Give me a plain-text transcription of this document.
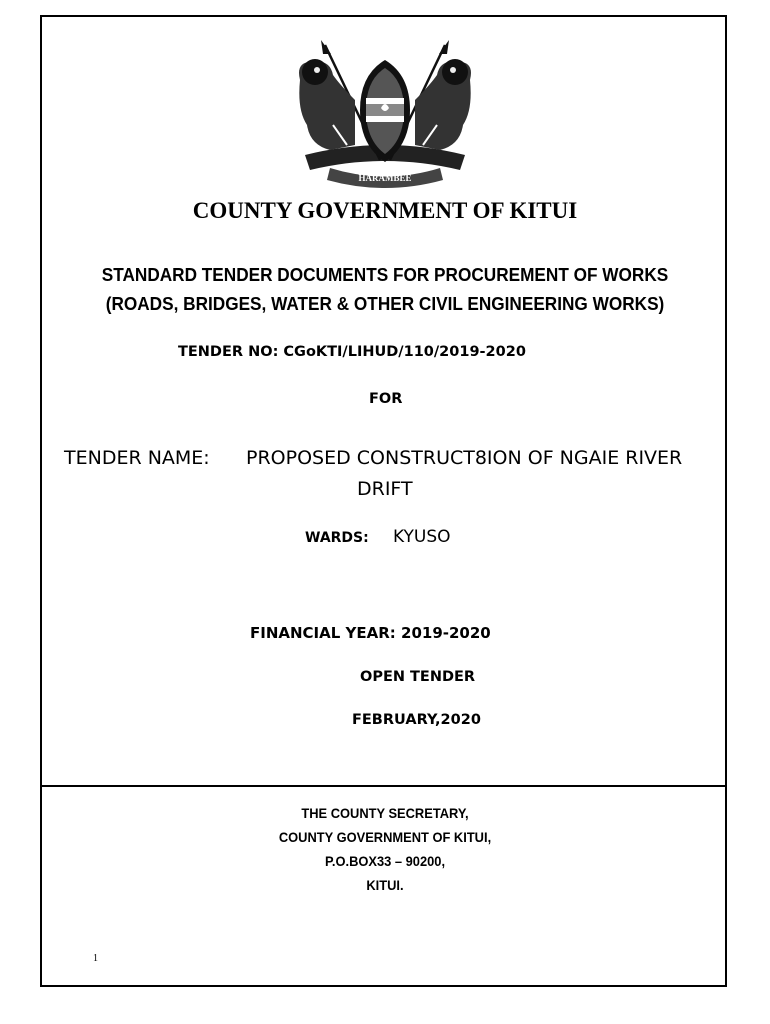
HARAMBEE
COUNTY GOVERNMENT OF KITUI
STANDARD TENDER DOCUMENTS FOR PROCUREMENT OF WORKS
(ROADS, BRIDGES, WATER & OTHER CIVIL ENGINEERING WORKS)
TENDER NO: CGoKTI/LIHUD/110/2019-2020
FOR
TENDER NAME: PROPOSED CONSTRUCT8ION OF NGAIE RIVER
DRIFT
WARDS: KYUSO
FINANCIAL YEAR: 2019-2020
OPEN TENDER
FEBRUARY,2020
THE COUNTY SECRETARY,
COUNTY GOVERNMENT OF KITUI,
P.O.BOX33 – 90200,
KITUI.
1
